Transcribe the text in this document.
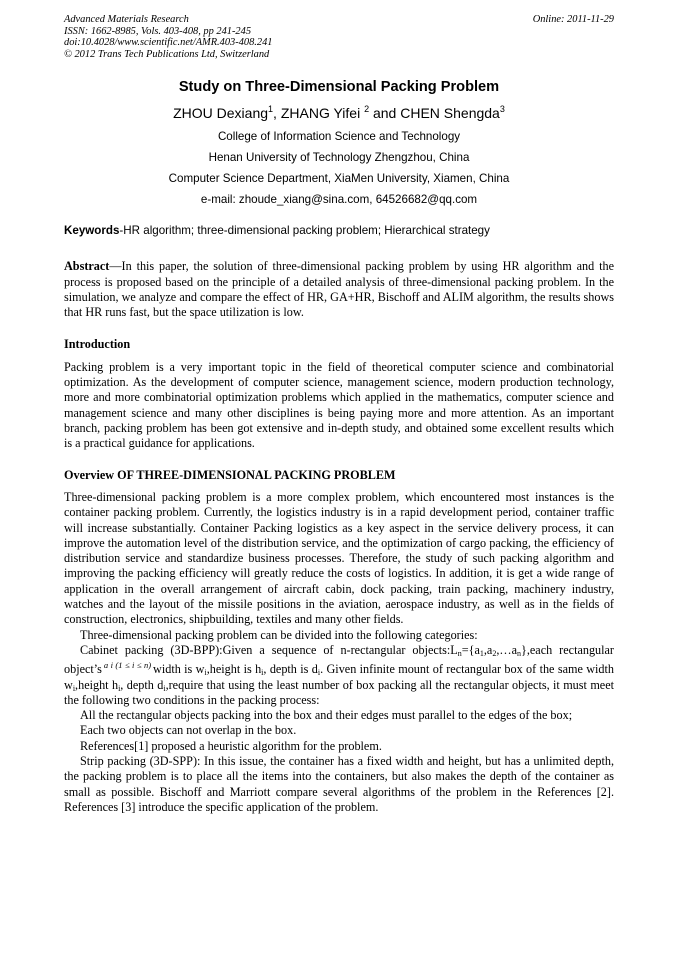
Advanced Materials Research
ISSN: 1662-8985, Vols. 403-408, pp 241-245
doi:10.4028/www.scientific.net/AMR.403-408.241
© 2012 Trans Tech Publications Ltd, Switzerland
Online: 2011-11-29
Study on Three-Dimensional Packing Problem
ZHOU Dexiang$^1$, ZHANG Yifei $^2$ and CHEN Shengda$^3$
College of Information Science and Technology
Henan University of Technology Zhengzhou, China
Computer Science Department, XiaMen University, Xiamen, China
e-mail: zhoude_xiang@sina.com, 64526682@qq.com
Keywords-HR algorithm; three-dimensional packing problem; Hierarchical strategy

Abstract—In this paper, the solution of three-dimensional packing problem by using HR algorithm and the process is proposed based on the principle of a detailed analysis of three-dimensional packing problem. In the simulation, we analyze and compare the effect of HR, GA+HR, Bischoff and ALIM algorithm, the results shows that HR runs fast, but the space utilization is low.

Introduction

Packing problem is a very important topic in the field of theoretical computer science and combinatorial optimization. As the development of computer science, management science, modern production technology, more and more combinatorial optimization problems which applied in the mathematics, computer science and management science and many other disciplines is being paying more and more attention. As an important branch, packing problem has been got extensive and in-depth study, and obtained some excellent results which is a practical guidance for applications.

Overview OF THREE-DIMENSIONAL PACKING PROBLEM

Three-dimensional packing problem is a more complex problem, which encountered most instances is the container packing problem. Currently, the logistics industry is in a rapid development period, container traffic will increase substantially. Container Packing logistics as a key aspect in the service delivery process, it can improve the automation level of the distribution service, and the optimization of cargo packing, the efficiency of distribution service and standardize business processes. Therefore, the study of such packing algorithm and improving the packing efficiency will greatly reduce the costs of logistics. In addition, it is get a wide range of application in the overall arrangement of aircraft cabin, dock packing, train packing, machinery industry, watches and the layout of the missile positions in the aviation, aerospace industry, as well as in the fields of construction, electronics, shipbuilding, textiles and many other fields.

Three-dimensional packing problem can be divided into the following categories:

Cabinet packing (3D-BPP):Given a sequence of n-rectangular $objects:L_n=\{a_1,a_2,\dots a_n\},each$ rectangular object’s $^{a i (1 \le i \le n)}$ width is $w_i,height$ is $h_i$, depth is $d_i$. Given infinite mount of rectangular box of the same width $w_i,height$ $h_i$, depth $d_i,require$ that using the least number of box packing all the rectangular objects, it must meet the following two conditions in the packing process:

All the rectangular objects packing into the box and their edges must parallel to the edges of the box;

Each two objects can not overlap in the box.

References[1] proposed a heuristic algorithm for the problem.

Strip packing (3D-SPP): In this issue, the container has a fixed width and height, but has a unlimited depth, the packing problem is to place all the items into the containers, but also makes the depth of the container as small as possible. Bischoff and Marriott compare several algorithms of the problem in the References [2]. References [3] introduce the specific application of the problem.
